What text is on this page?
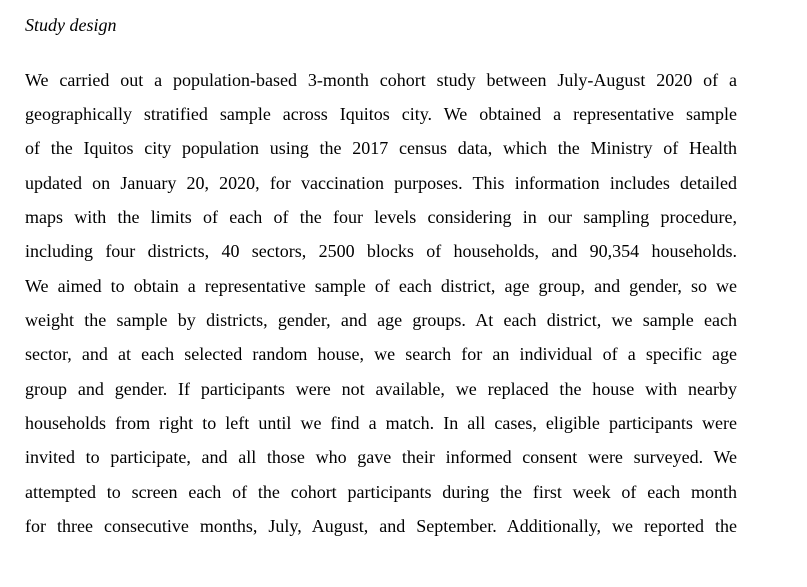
Study design
We carried out a population-based 3-month cohort study between July-August 2020 of a
geographically stratified sample across Iquitos city. We obtained a representative sample
of the Iquitos city population using the 2017 census data, which the Ministry of Health
updated on January 20, 2020, for vaccination purposes. This information includes detailed
maps with the limits of each of the four levels considering in our sampling procedure,
including four districts, 40 sectors, 2500 blocks of households, and 90,354 households.
We aimed to obtain a representative sample of each district, age group, and gender, so we
weight the sample by districts, gender, and age groups. At each district, we sample each
sector, and at each selected random house, we search for an individual of a specific age
group and gender. If participants were not available, we replaced the house with nearby
households from right to left until we find a match. In all cases, eligible participants were
invited to participate, and all those who gave their informed consent were surveyed. We
attempted to screen each of the cohort participants during the first week of each month
for three consecutive months, July, August, and September. Additionally, we reported the
